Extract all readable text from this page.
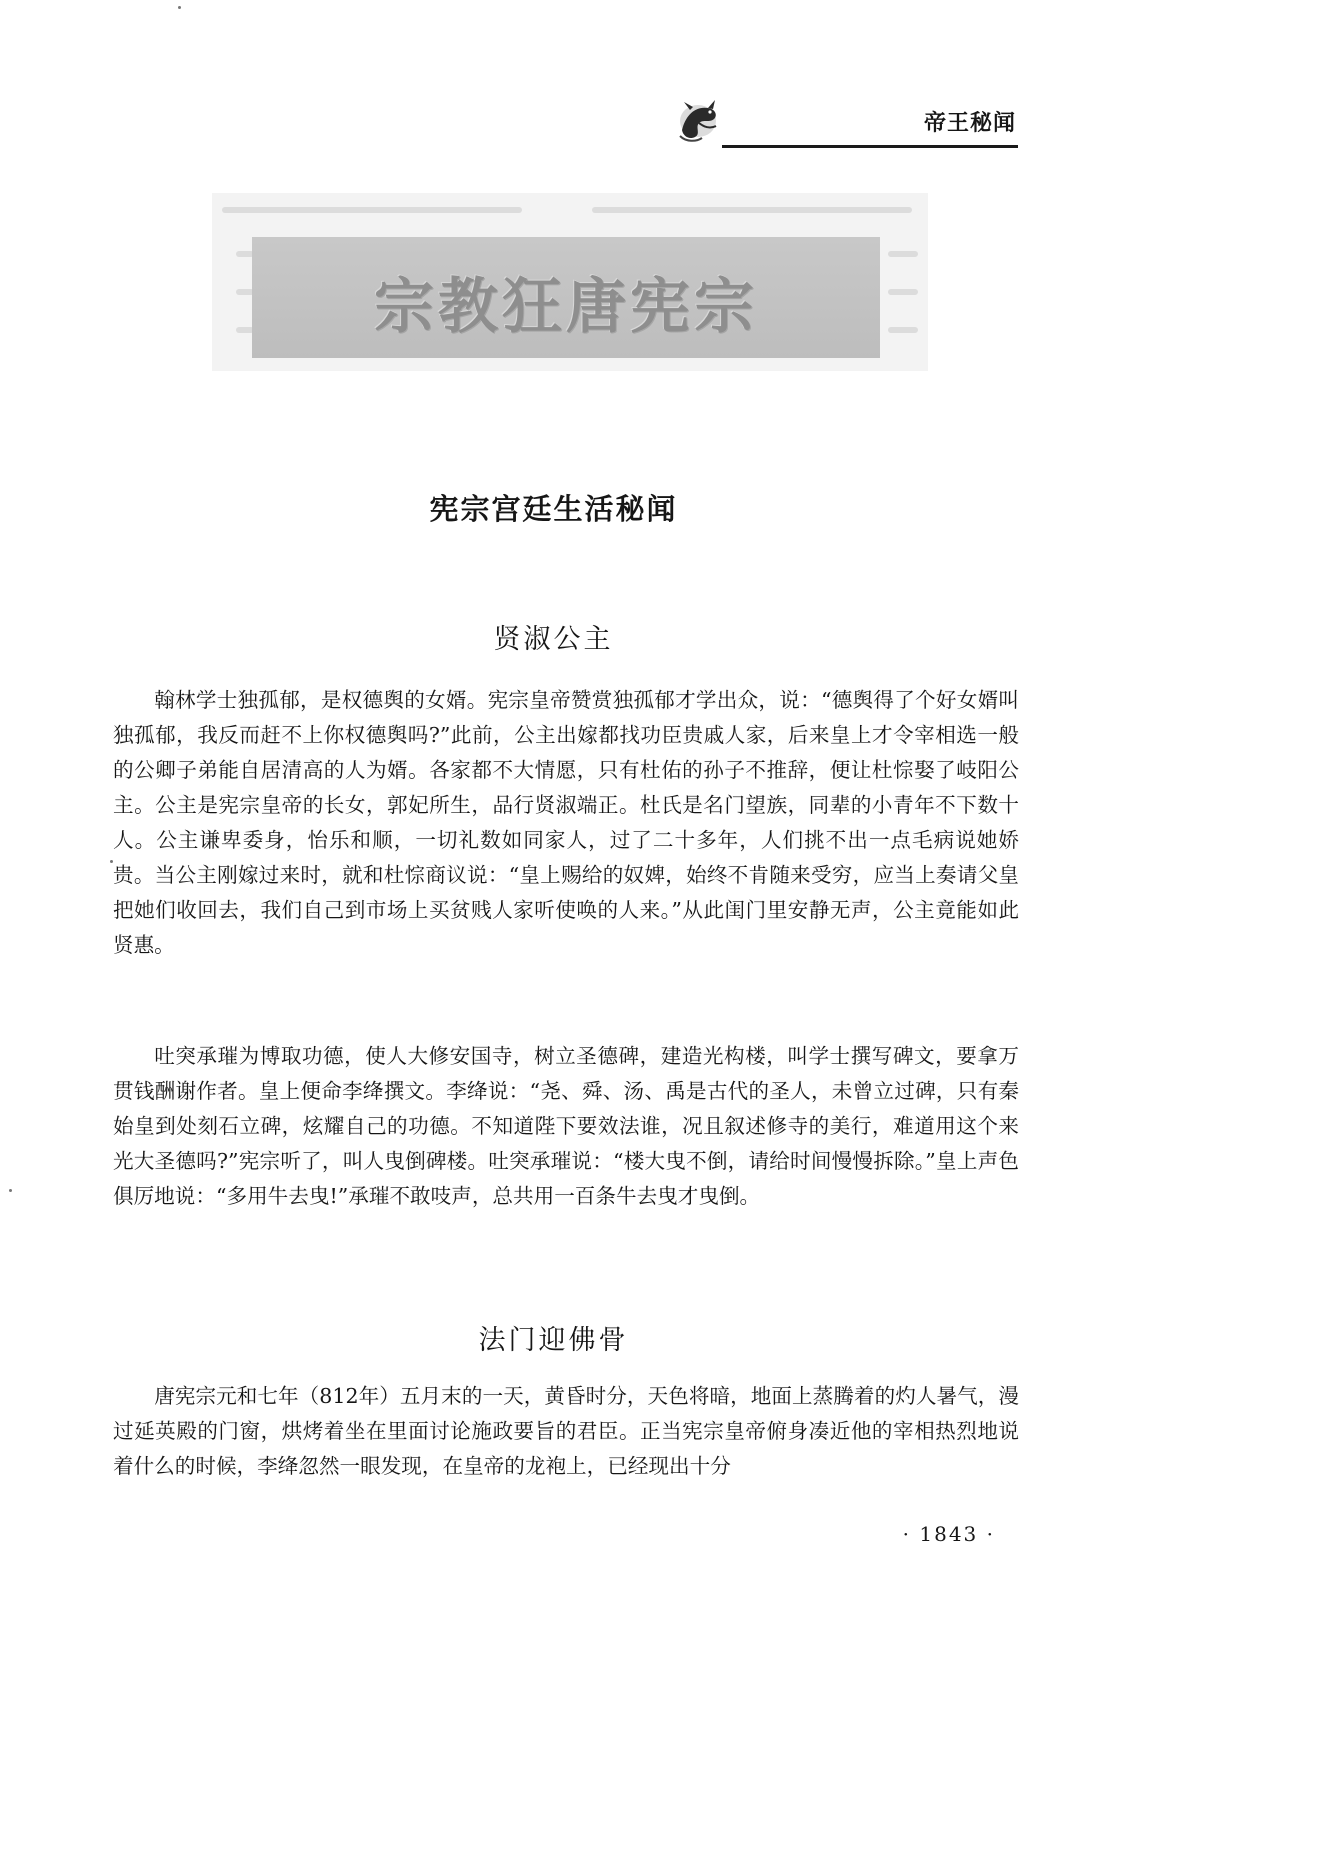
帝王秘闻
宗教狂唐宪宗
宪宗宫廷生活秘闻
贤淑公主

翰林学士独孤郁，是权德舆的女婿。宪宗皇帝赞赏独孤郁才学出众，说：“德舆得了个好女婿叫独孤郁，我反而赶不上你权德舆吗?”此前，公主出嫁都找功臣贵戚人家，后来皇上才令宰相选一般的公卿子弟能自居清高的人为婿。各家都不大情愿，只有杜佑的孙子不推辞，便让杜悰娶了岐阳公主。公主是宪宗皇帝的长女，郭妃所生，品行贤淑端正。杜氏是名门望族，同辈的小青年不下数十人。公主谦卑委身，怡乐和顺，一切礼数如同家人，过了二十多年，人们挑不出一点毛病说她娇贵。当公主刚嫁过来时，就和杜悰商议说：“皇上赐给的奴婢，始终不肯随来受穷，应当上奏请父皇把她们收回去，我们自己到市场上买贫贱人家听使唤的人来。”从此闺门里安静无声，公主竟能如此贤惠。

吐突承璀为博取功德，使人大修安国寺，树立圣德碑，建造光构楼，叫学士撰写碑文，要拿万贯钱酬谢作者。皇上便命李绛撰文。李绛说：“尧、舜、汤、禹是古代的圣人，未曾立过碑，只有秦始皇到处刻石立碑，炫耀自己的功德。不知道陛下要效法谁，况且叙述修寺的美行，难道用这个来光大圣德吗?”宪宗听了，叫人曳倒碑楼。吐突承璀说：“楼大曳不倒，请给时间慢慢拆除。”皇上声色俱厉地说：“多用牛去曳!”承璀不敢吱声，总共用一百条牛去曳才曳倒。

法门迎佛骨

唐宪宗元和七年（812年）五月末的一天，黄昏时分，天色将暗，地面上蒸腾着的灼人暑气，漫过延英殿的门窗，烘烤着坐在里面讨论施政要旨的君臣。正当宪宗皇帝俯身凑近他的宰相热烈地说着什么的时候，李绛忽然一眼发现，在皇帝的龙袍上，已经现出十分

· 1843 ·
